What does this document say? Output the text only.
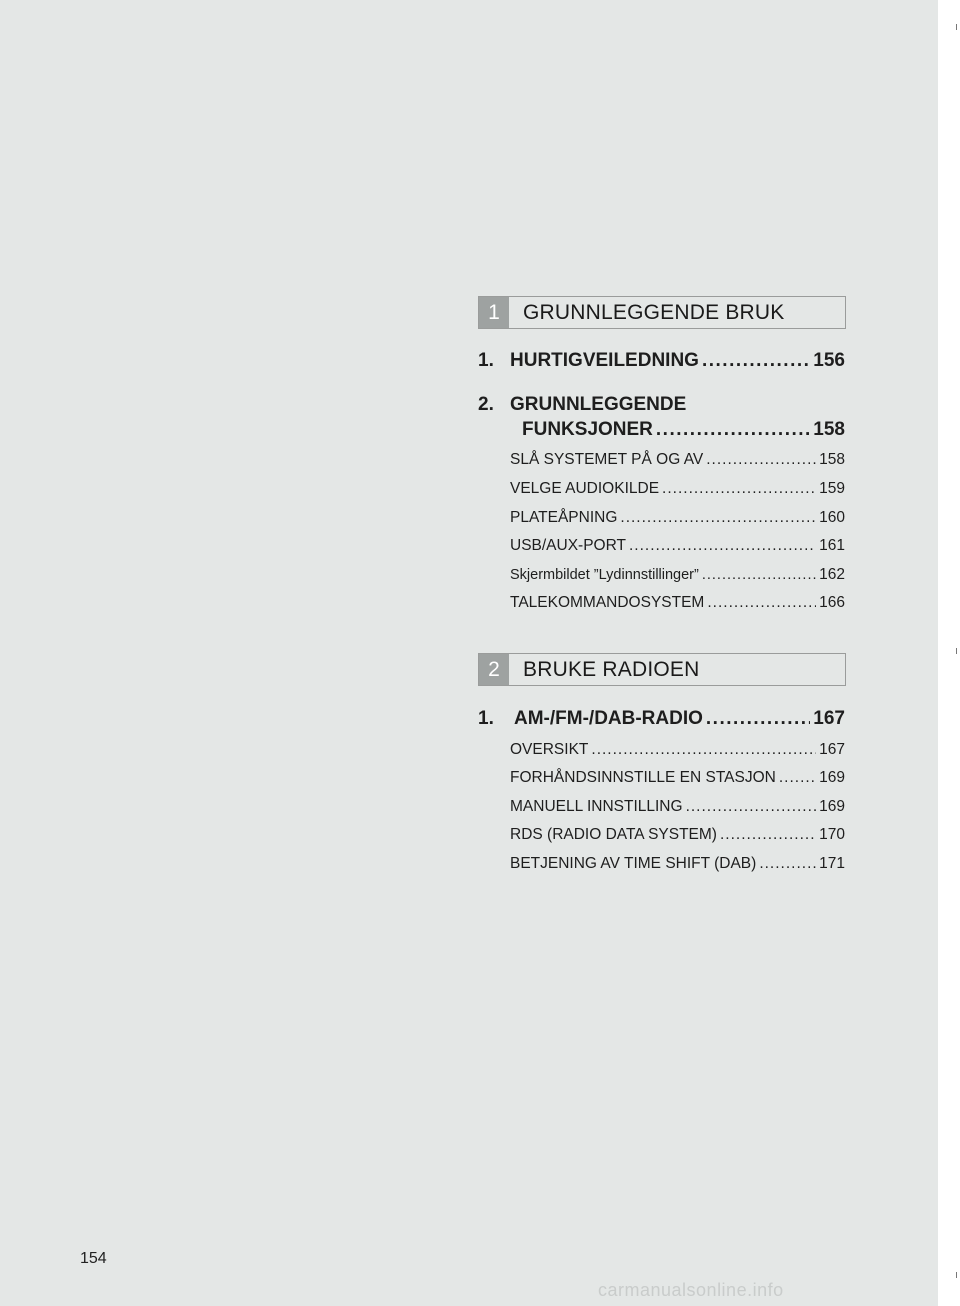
1	GRUNNLEGGENDE BRUK
1. HURTIGVEILEDNING .....	156
2. GRUNNLEGGENDE
FUNKSJONER .....	158
SLÅ SYSTEMET PÅ OG AV .....	158
VELGE AUDIOKILDE .....	159
PLATEÅPNING .....	160
USB/AUX-PORT .....	161
Skjermbildet ”Lydinnstillinger” .....	162
TALEKOMMANDOSYSTEM .....	166
2	BRUKE RADIOEN
1.	AM-/FM-/DAB-RADIO .....	167
OVERSIKT .....	167
FORHÅNDSINNSTILLE EN STASJON .....	169
MANUELL INNSTILLING .....	169
RDS (RADIO DATA SYSTEM) .....	170
BETJENING AV TIME SHIFT (DAB) .....	171
154
carmanualsonline.info
